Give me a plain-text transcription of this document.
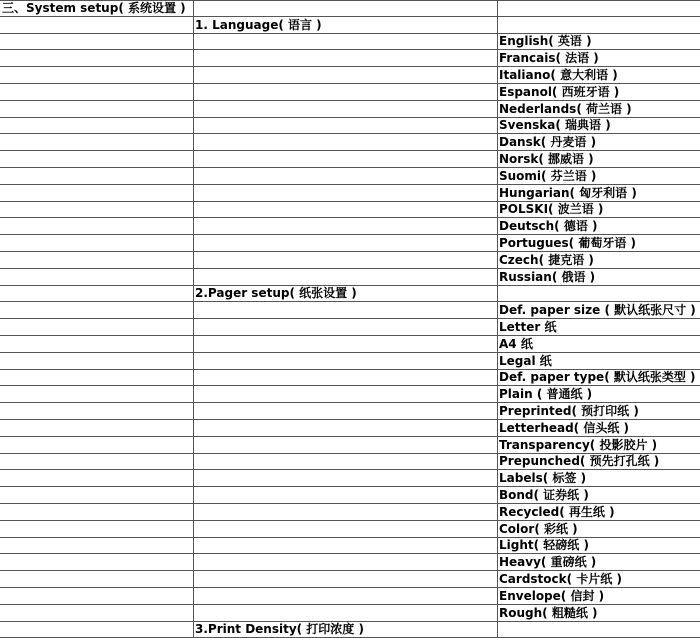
三、System setup( 系统设置 )
1. Language( 语言 )
English( 英语 )
Francais( 法语 )
Italiano( 意大利语 )
Espanol( 西班牙语 )
Nederlands( 荷兰语 )
Svenska( 瑞典语 )
Dansk( 丹麦语 )
Norsk( 挪威语 )
Suomi( 芬兰语 )
Hungarian( 匈牙利语 )
POLSKI( 波兰语 )
Deutsch( 德语 )
Portugues( 葡萄牙语 )
Czech( 捷克语 )
Russian( 俄语 )
2.Pager setup( 纸张设置 )
Def. paper size ( 默认纸张尺寸 )
Letter 纸
A4 纸
Legal 纸
Def. paper type( 默认纸张类型 )
Plain ( 普通纸 )
Preprinted( 预打印纸 )
Letterhead( 信头纸 )
Transparency( 投影胶片 )
Prepunched( 预先打孔纸 )
Labels( 标签 )
Bond( 证券纸 )
Recycled( 再生纸 )
Color( 彩纸 )
Light( 轻磅纸 )
Heavy( 重磅纸 )
Cardstock( 卡片纸 )
Envelope( 信封 )
Rough( 粗糙纸 )
3.Print Density( 打印浓度 )
